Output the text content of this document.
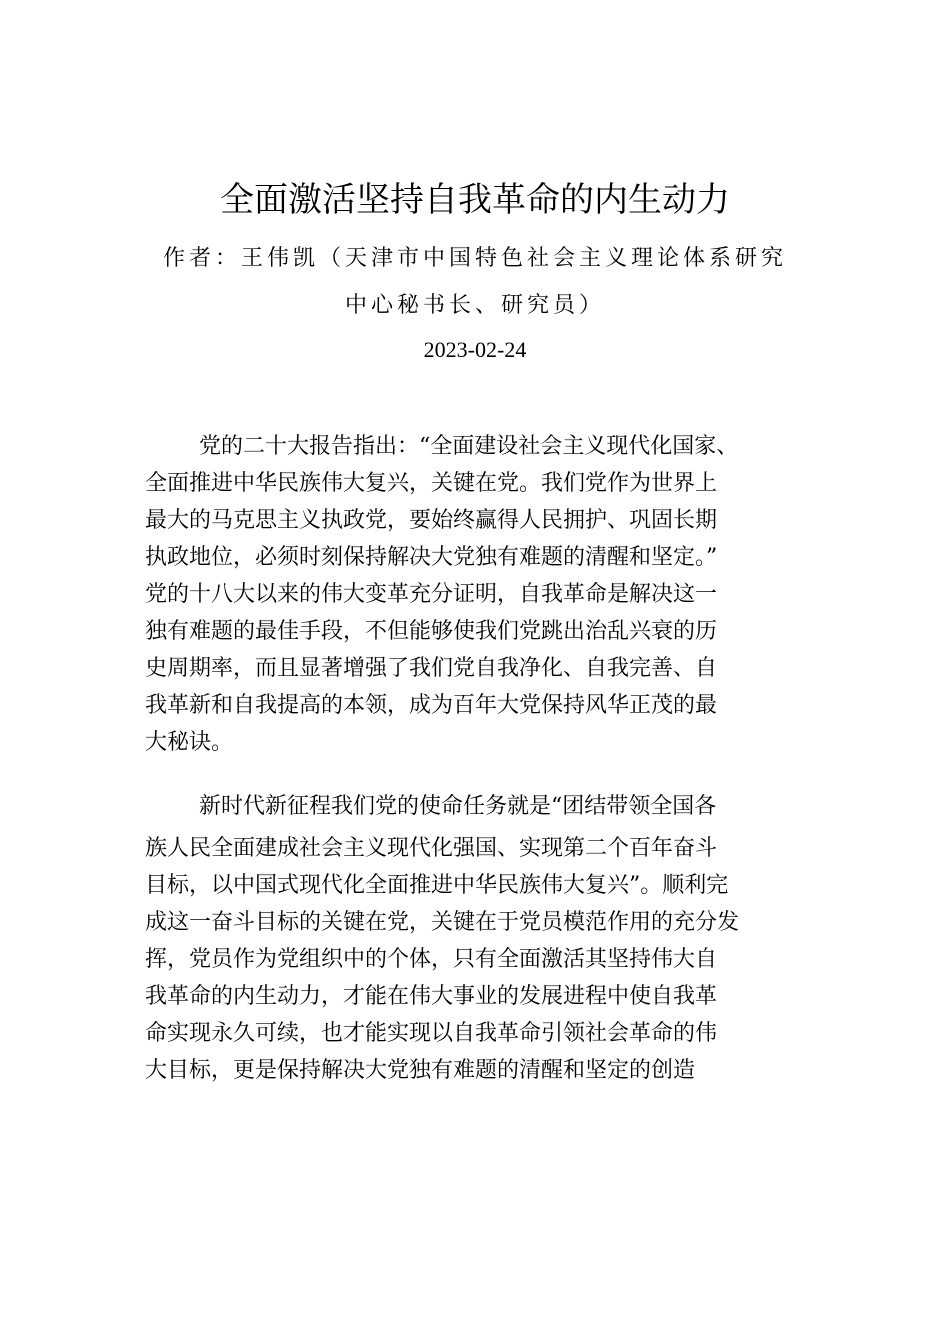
全面激活坚持自我革命的内生动力
作者：王伟凯（天津市中国特色社会主义理论体系研究
中心秘书长、研究员）
2023-02-24
党的二十大报告指出：“全面建设社会主义现代化国家、
全面推进中华民族伟大复兴，关键在党。我们党作为世界上
最大的马克思主义执政党，要始终赢得人民拥护、巩固长期
执政地位，必须时刻保持解决大党独有难题的清醒和坚定。”
党的十八大以来的伟大变革充分证明，自我革命是解决这一
独有难题的最佳手段，不但能够使我们党跳出治乱兴衰的历
史周期率，而且显著增强了我们党自我净化、自我完善、自
我革新和自我提高的本领，成为百年大党保持风华正茂的最
大秘诀。
新时代新征程我们党的使命任务就是“团结带领全国各
族人民全面建成社会主义现代化强国、实现第二个百年奋斗
目标，以中国式现代化全面推进中华民族伟大复兴”。顺利完
成这一奋斗目标的关键在党，关键在于党员模范作用的充分发
挥，党员作为党组织中的个体，只有全面激活其坚持伟大自
我革命的内生动力，才能在伟大事业的发展进程中使自我革
命实现永久可续，也才能实现以自我革命引领社会革命的伟
大目标，更是保持解决大党独有难题的清醒和坚定的创造
